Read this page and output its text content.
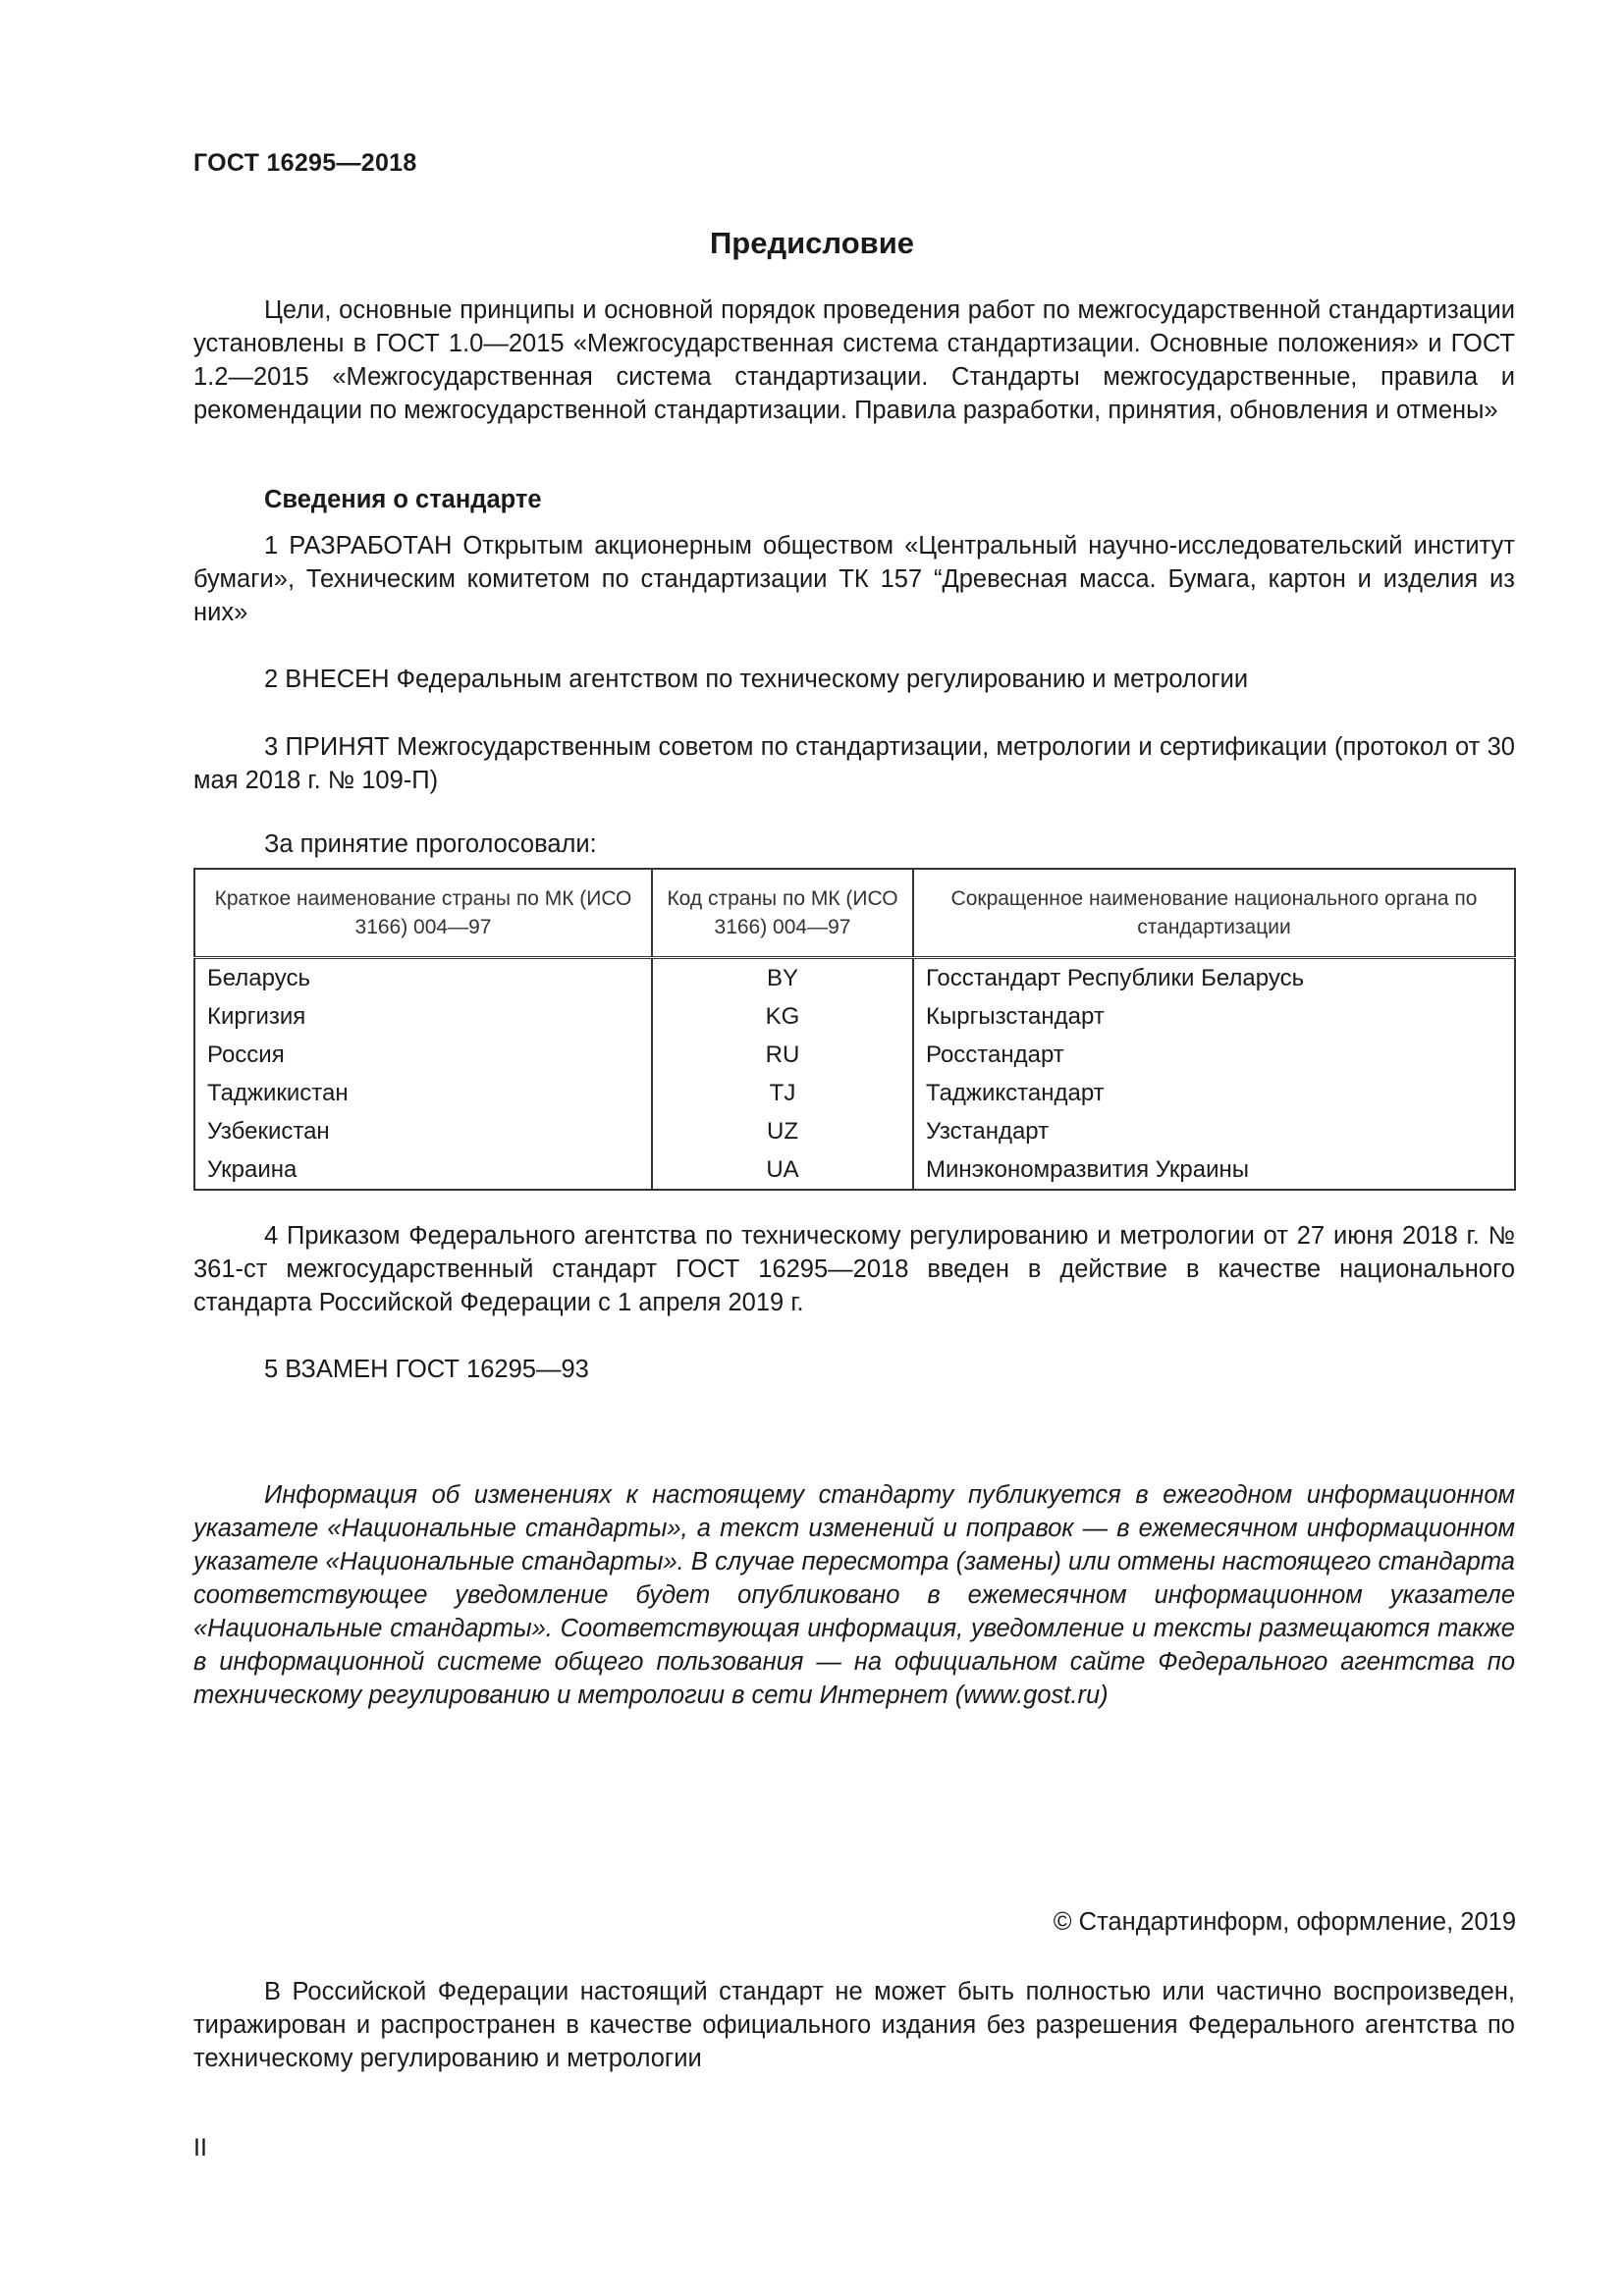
ГОСТ 16295—2018
Предисловие

Цели, основные принципы и основной порядок проведения работ по межгосударственной стандартизации установлены в ГОСТ 1.0—2015 «Межгосударственная система стандартизации. Основные положения» и ГОСТ 1.2—2015 «Межгосударственная система стандартизации. Стандарты межгосударственные, правила и рекомендации по межгосударственной стандартизации. Правила разработки, принятия, обновления и отмены»

Сведения о стандарте

1 РАЗРАБОТАН Открытым акционерным обществом «Центральный научно-исследовательский институт бумаги», Техническим комитетом по стандартизации ТК 157 “Древесная масса. Бумага, картон и изделия из них»

2 ВНЕСЕН Федеральным агентством по техническому регулированию и метрологии

3 ПРИНЯТ Межгосударственным советом по стандартизации, метрологии и сертификации (протокол от 30 мая 2018 г. № 109-П)

За принятие проголосовали:
Краткое наименование страны по МК (ИСО 3166) 004—97	Код страны по МК (ИСО 3166) 004—97	Сокращенное наименование национального органа по стандартизации
Беларусь	BY	Госстандарт Республики Беларусь
Киргизия	KG	Кыргызстандарт
Россия	RU	Росстандарт
Таджикистан	TJ	Таджикстандарт
Узбекистан	UZ	Узстандарт
Украина	UA	Минэкономразвития Украины

4 Приказом Федерального агентства по техническому регулированию и метрологии от 27 июня 2018 г. № 361-ст межгосударственный стандарт ГОСТ 16295—2018 введен в действие в качестве национального стандарта Российской Федерации с 1 апреля 2019 г.

5 ВЗАМЕН ГОСТ 16295—93

Информация об изменениях к настоящему стандарту публикуется в ежегодном информационном указателе «Национальные стандарты», а текст изменений и поправок — в ежемесячном информационном указателе «Национальные стандарты». В случае пересмотра (замены) или отмены настоящего стандарта соответствующее уведомление будет опубликовано в ежемесячном информационном указателе «Национальные стандарты». Соответствующая информация, уведомление и тексты размещаются также в информационной системе общего пользования — на официальном сайте Федерального агентства по техническому регулированию и метрологии в сети Интернет (www.gost.ru)

© Стандартинформ, оформление, 2019

В Российской Федерации настоящий стандарт не может быть полностью или частично воспроизведен, тиражирован и распространен в качестве официального издания без разрешения Федерального агентства по техническому регулированию и метрологии

II
